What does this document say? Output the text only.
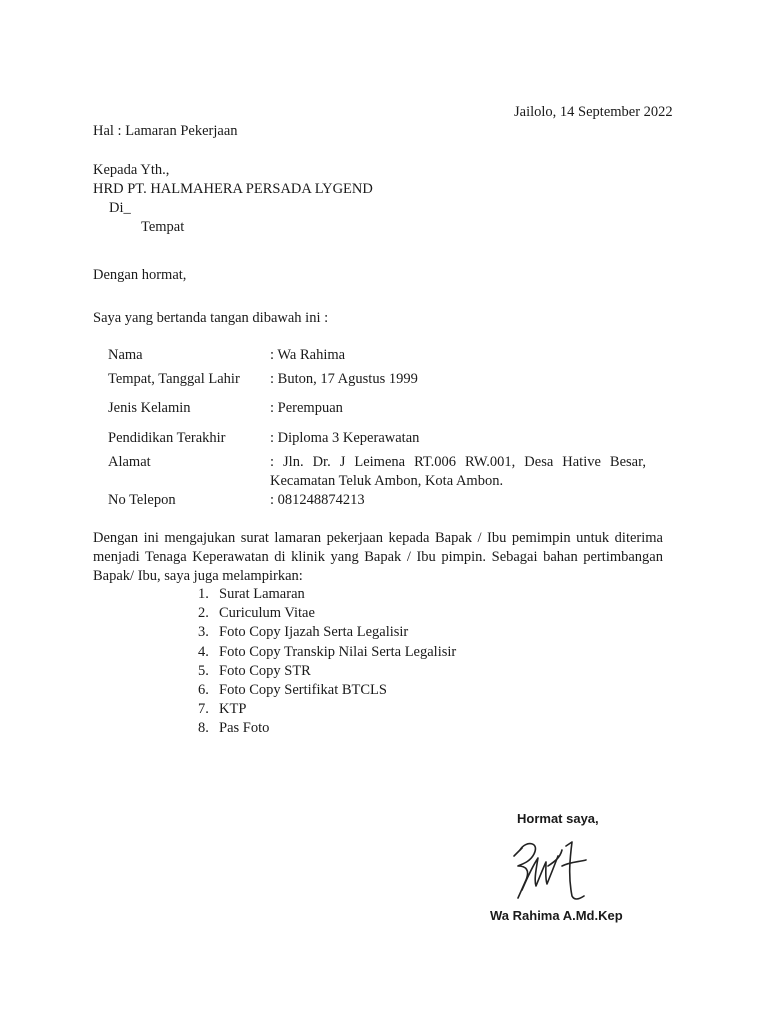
Jailolo, 14 September 2022
Hal : Lamaran Pekerjaan
Kepada Yth.,
HRD PT. HALMAHERA PERSADA LYGEND
Di_
Tempat
Dengan hormat,
Saya yang bertanda tangan dibawah ini :
Nama	: Wa Rahima
Tempat, Tanggal Lahir : Buton, 17 Agustus 1999
Jenis Kelamin	: Perempuan
Pendidikan Terakhir	: Diploma 3 Keperawatan
Alamat	: Jln. Dr. J Leimena RT.006 RW.001, Desa Hative Besar, Kecamatan Teluk Ambon, Kota Ambon.
No Telepon	: 081248874213
Dengan ini mengajukan surat lamaran pekerjaan kepada Bapak / Ibu pemimpin untuk diterima menjadi Tenaga Keperawatan di klinik yang Bapak / Ibu pimpin. Sebagai bahan pertimbangan Bapak/ Ibu, saya juga melampirkan:
1. Surat Lamaran
2. Curiculum Vitae
3. Foto Copy Ijazah Serta Legalisir
4. Foto Copy Transkip Nilai Serta Legalisir
5. Foto Copy STR
6. Foto Copy Sertifikat BTCLS
7. KTP
8. Pas Foto
Hormat saya,
Wa Rahima A.Md.Kep
